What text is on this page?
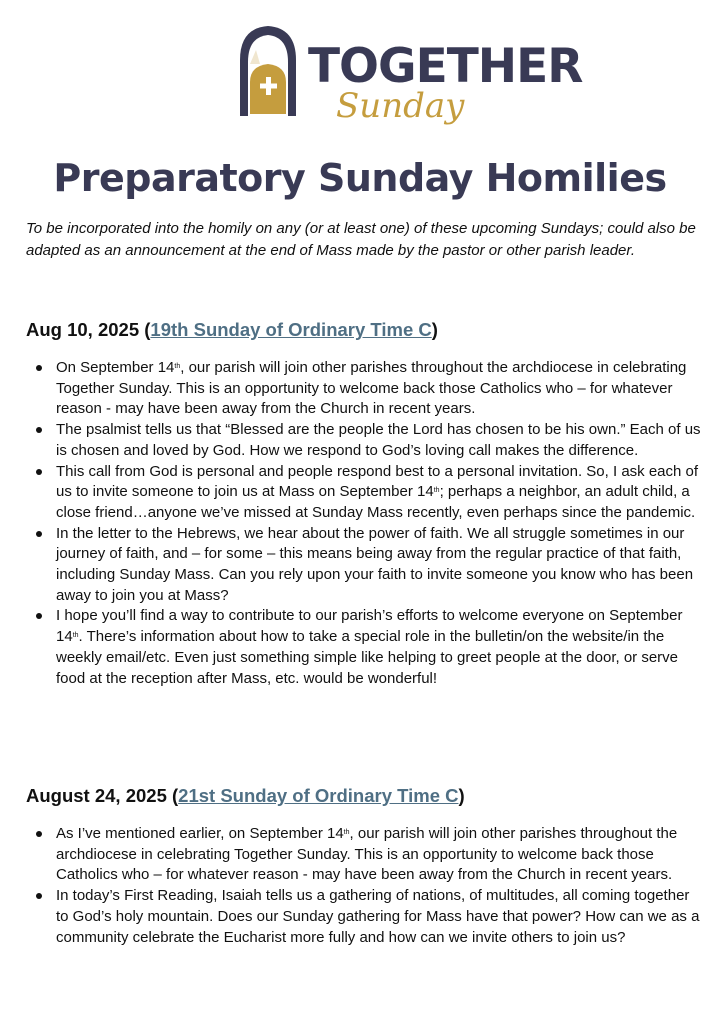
TOGETHER
Sunday
Preparatory Sunday Homilies

To be incorporated into the homily on any (or at least one) of these upcoming Sundays; could also be adapted as an announcement at the end of Mass made by the pastor or other parish leader.

Aug 10, 2025 (19th Sunday of Ordinary Time C)
On September 14th, our parish will join other parishes throughout the archdiocese in celebrating Together Sunday. This is an opportunity to welcome back those Catholics who – for whatever reason - may have been away from the Church in recent years.
The psalmist tells us that “Blessed are the people the Lord has chosen to be his own.” Each of us is chosen and loved by God. How we respond to God’s loving call makes the difference.
This call from God is personal and people respond best to a personal invitation. So, I ask each of us to invite someone to join us at Mass on September 14th; perhaps a neighbor, an adult child, a close friend…anyone we’ve missed at Sunday Mass recently, even perhaps since the pandemic.
In the letter to the Hebrews, we hear about the power of faith. We all struggle sometimes in our journey of faith, and – for some – this means being away from the regular practice of that faith, including Sunday Mass. Can you rely upon your faith to invite someone you know who has been away to join you at Mass?
I hope you’ll find a way to contribute to our parish’s efforts to welcome everyone on September 14th. There’s information about how to take a special role in the bulletin/on the website/in the weekly email/etc. Even just something simple like helping to greet people at the door, or serve food at the reception after Mass, etc. would be wonderful!
August 24, 2025 (21st Sunday of Ordinary Time C)
As I’ve mentioned earlier, on September 14th, our parish will join other parishes throughout the archdiocese in celebrating Together Sunday. This is an opportunity to welcome back those Catholics who – for whatever reason - may have been away from the Church in recent years.
In today’s First Reading, Isaiah tells us a gathering of nations, of multitudes, all coming together to God’s holy mountain. Does our Sunday gathering for Mass have that power? How can we as a community celebrate the Eucharist more fully and how can we invite others to join us?
